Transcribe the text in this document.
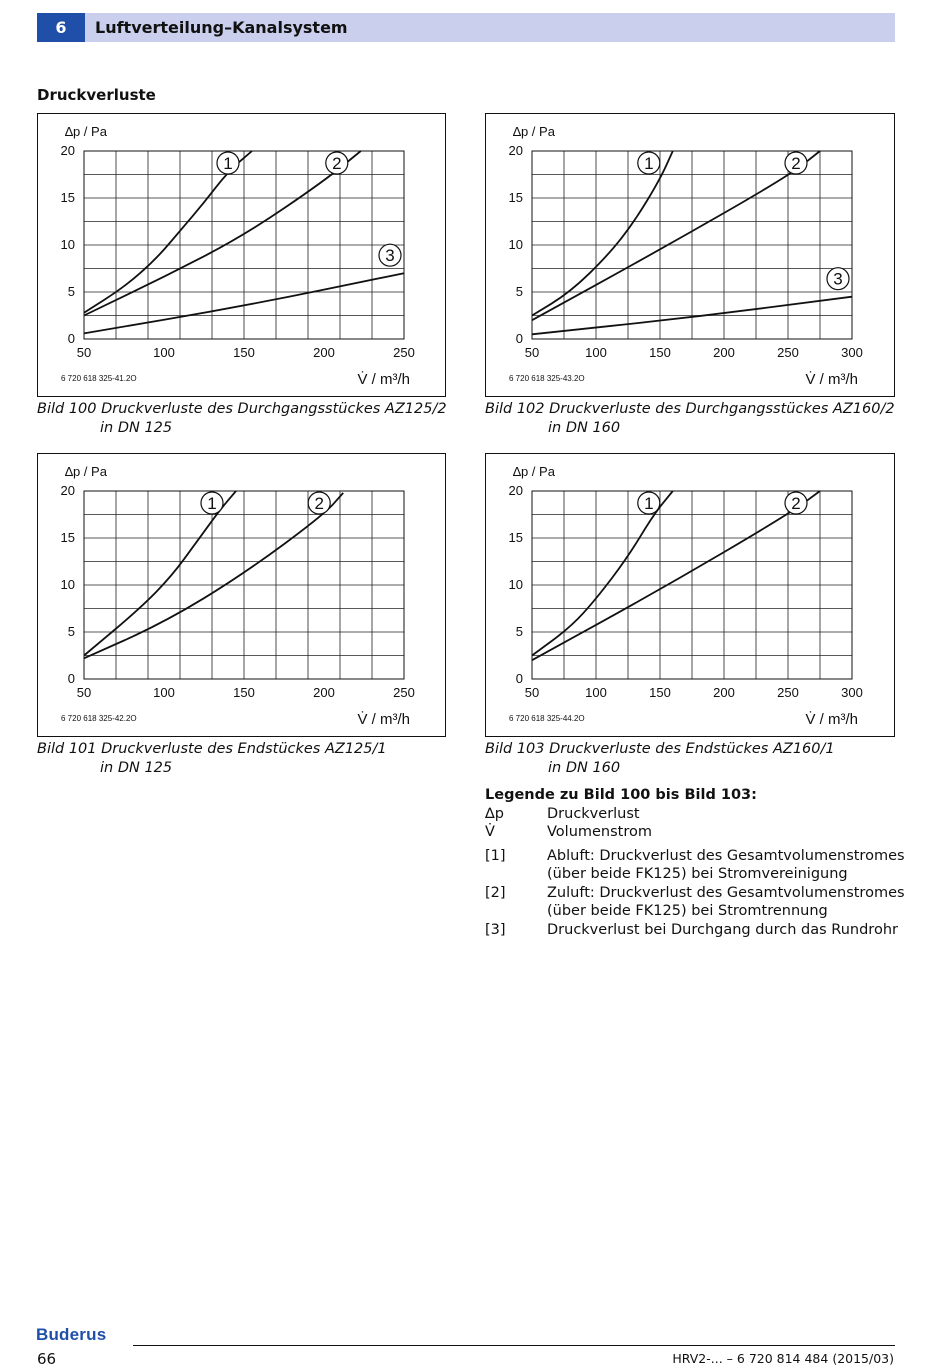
6	Luftverteilung–Kanalsystem
Druckverluste
0
5
10
15
20
50	100	150	200	250
∆p / Pa
V̇ / m³/h
6 720 618 325-41.2O
1	2
3
0
5
10
15
20
50	100	150	200	250	300
∆p / Pa
V̇ / m³/h
6 720 618 325-43.2O
1	2
3
0
5
10
15
20
50	100	150	200	250
∆p / Pa
V̇ / m³/h
6 720 618 325-42.2O
1	2
0
5
10
15
20
50	100	150	200	250	300
∆p / Pa
V̇ / m³/h
6 720 618 325-44.2O
1	2
Bild 100 Druckverluste des Durchgangsstückes AZ125/2
in DN 125
Bild 102 Druckverluste des Durchgangsstückes AZ160/2
in DN 160
Bild 101 Druckverluste des Endstückes AZ125/1
in DN 125
Bild 103 Druckverluste des Endstückes AZ160/1
in DN 160
Legende zu Bild 100 bis Bild 103:
∆p	Druckverlust
V̇	Volumenstrom
[1]	Abluft: Druckverlust des Gesamtvolumenstromes (über beide FK125) bei Stromvereinigung
[2]	Zuluft: Druckverlust des Gesamtvolumenstromes (über beide FK125) bei Stromtrennung
[3]	Druckverlust bei Durchgang durch das Rundrohr
Buderus
66	HRV2-... – 6 720 814 484 (2015/03)
